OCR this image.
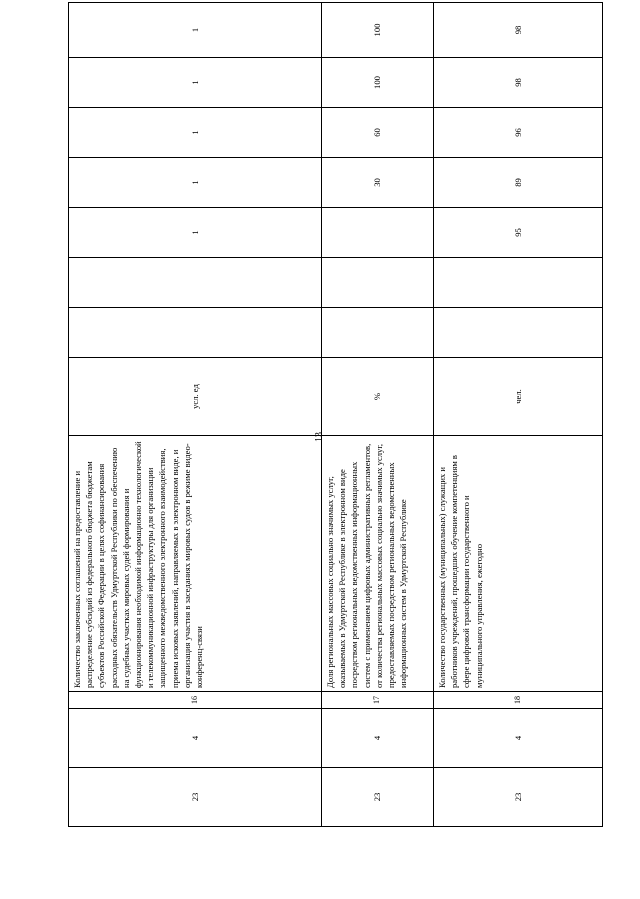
13
23	4	16	Количество заключенных соглашений на предоставление и распределение субсидий из федерального бюджета бюджетам субъектов Российской Федерации в целях софинансирования расходных обязательств Удмуртской Республики по обеспечению на судебных участках мировых судей формирования и функционирования необходимой информационно технологической и телекоммуникационной инфраструктуры для организации защищенного межведомственного электронного взаимодействия, приема исковых заявлений, направляемых в электронном виде, и организация участия в заседаниях мировых судов в режиме видео-конференц-связи	усл. ед			1	1	1	1	1
23	4	17	Доля региональных массовых социально значимых услуг, оказываемых в Удмуртской Республике в электронном виде посредством региональных ведомственных информационных систем с применением цифровых административных регламентов, от количества региональных массовых социально значимых услуг, предоставляемых посредством региональных ведомственных информационных систем в Удмуртской Республике	%				30	60	100	100
23	4	18	Количество государственных (муниципальных) служащих и работников учреждений, прошедших обучение компетенциям в сфере цифровой трансформации государственного и муниципального управления, ежегодно	чел.			95	89	96	98	98
